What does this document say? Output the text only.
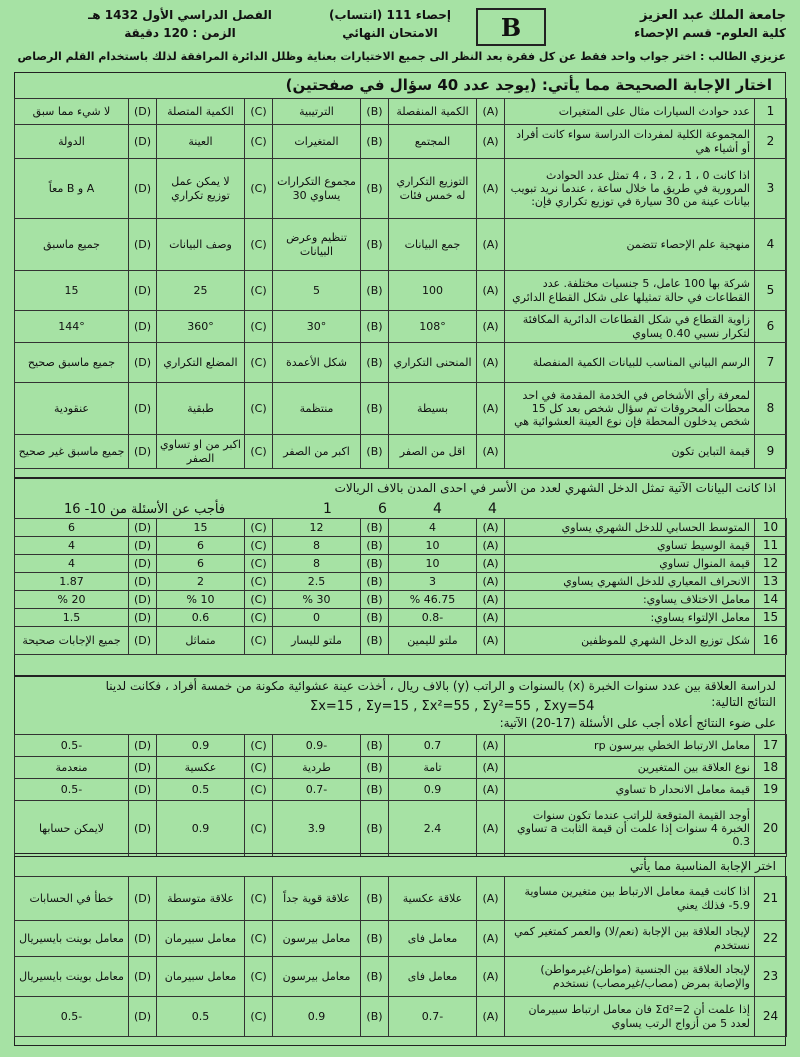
جامعة الملك عبد العزيز
كلية العلوم- قسم الإحصاء
B
إحصاء 111 (انتساب)
الامتحان النهائي
الفصل الدراسي الأول 1432 هـ
الزمن : 120 دقيقة
عزيزي الطالب : اختر جواب واحد فقط عن كل فقرة بعد النظر الى جميع الاختيارات بعناية وظلل الدائرة المرافقة لذلك باستخدام القلم الرصاص
اختار الإجابة الصحيحة مما يأتي: (يوجد عدد 40 سؤال في صفحتين)
1	عدد حوادث السيارات مثال على المتغيرات	(A)	الكمية المنفصلة	(B)	الترتيبية	(C)	الكمية المتصلة	(D)	لا شيء مما سبق
2	المجموعة الكلية لمفردات الدراسة سواء كانت أفراد أو أشياء هي	(A)	المجتمع	(B)	المتغيرات	(C)	العينة	(D)	الدولة
3	اذا كانت 0 ، 1 ، 2 ، 3 ، 4 تمثل عدد الحوادث المرورية في طريق ما خلال ساعة ، عندما نريد تبويب بيانات عينة من 30 سيارة في توزيع تكراري فإن:	(A)	التوزيع التكراري له خمس فئات	(B)	مجموع التكرارات يساوي 30	(C)	لا يمكن عمل توزيع تكراري	(D)	A و B معاً
4	منهجية علم الإحصاء تتضمن	(A)	جمع البيانات	(B)	تنظيم وعرض البيانات	(C)	وصف البيانات	(D)	جميع ماسبق
5	شركة بها 100 عامل، 5 جنسيات مختلفة. عدد القطاعات في حالة تمثيلها على شكل القطاع الدائري	(A)	100	(B)	5	(C)	25	(D)	15
6	زاوية القطاع في شكل القطاعات الدائرية المكافئة لتكرار نسبي 0.40 يساوي	(A)	108°	(B)	30°	(C)	360°	(D)	144°
7	الرسم البياني المناسب للبيانات الكمية المنفصلة	(A)	المنحنى التكراري	(B)	شكل الأعمدة	(C)	المضلع التكراري	(D)	جميع ماسبق صحيح
8	لمعرفة رأي الأشخاص في الخدمة المقدمة في احد محطات المحروقات تم سؤال شخص بعد كل 15 شخص يدخلون المحطة فإن نوع العينة العشوائية هي	(A)	بسيطة	(B)	منتظمة	(C)	طبقية	(D)	عنقودية
9	قيمة التباين تكون	(A)	اقل من الصفر	(B)	اكبر من الصفر	(C)	اكبر من او تساوي الصفر	(D)	جميع ماسبق غير صحيح
اذا كانت البيانات الآتية تمثل الدخل الشهري لعدد من الأسر في احدى المدن بالاف الريالات
1	6	4	4
فأجب عن الأسئلة من 10- 16
10	المتوسط الحسابي للدخل الشهري يساوي	(A)	4	(B)	12	(C)	15	(D)	6
11	قيمة الوسيط تساوي	(A)	10	(B)	8	(C)	6	(D)	4
12	قيمة المنوال تساوي	(A)	10	(B)	8	(C)	6	(D)	4
13	الانحراف المعياري للدخل الشهري يساوي	(A)	3	(B)	2.5	(C)	2	(D)	1.87
14	معامل الاختلاف يساوي:	(A)	46.75 %	(B)	30 %	(C)	10 %	(D)	20 %
15	معامل الإلتواء يساوي:	(A)	-0.8	(B)	0	(C)	0.6	(D)	1.5
16	شكل توزيع الدخل الشهري للموظفين	(A)	ملتو لليمين	(B)	ملتو لليسار	(C)	متماثل	(D)	جميع الإجابات صحيحة
لدراسة العلاقة بين عدد سنوات الخبرة (x) بالسنوات و الراتب (y) بالاف ريال ، أخذت عينة عشوائية مكونة من خمسة أفراد ، فكانت لدينا
النتائج التالية:
Σx=15 , Σy=15 , Σx²=55 , Σy²=55 , Σxy=54
على ضوء النتائج أعلاه أجب على الأسئلة (17-20) الآتية:
17	معامل الارتباط الخطي بيرسون rp	(A)	0.7	(B)	-0.9	(C)	0.9	(D)	-0.5
18	نوع العلاقة بين المتغيرين	(A)	تامة	(B)	طردية	(C)	عكسية	(D)	منعدمة
19	قيمة معامل الانحدار b تساوي	(A)	0.9	(B)	-0.7	(C)	0.5	(D)	-0.5
20	أوجد القيمة المتوقعة للراتب عندما تكون سنوات الخبرة 4 سنوات إذا علمت أن قيمة الثابت a تساوي 0.3	(A)	2.4	(B)	3.9	(C)	0.9	(D)	لايمكن حسابها
اختر الإجابة المناسبة مما يأتي
21	اذا كانت قيمة معامل الارتباط بين متغيرين مساوية 5.9- فذلك يعني	(A)	علاقة عكسية	(B)	علاقة قوية جداً	(C)	علاقة متوسطة	(D)	خطأ في الحسابات
22	لإيجاد العلاقة بين الإجابة (نعم/لا) والعمر كمتغير كمي نستخدم	(A)	معامل فاى	(B)	معامل بيرسون	(C)	معامل سبيرمان	(D)	معامل بوينت بايسيريال
23	لإيجاد العلاقة بين الجنسية (مواطن/غيرمواطن) والإصابة بمرض (مصاب/غيرمصاب) نستخدم	(A)	معامل فاى	(B)	معامل بيرسون	(C)	معامل سبيرمان	(D)	معامل بوينت بايسيريال
24	إذا علمت أن Σd²=2 فان معامل ارتباط سبيرمان لعدد 5 من أزواج الرتب يساوي	(A)	-0.7	(B)	0.9	(C)	0.5	(D)	-0.5
